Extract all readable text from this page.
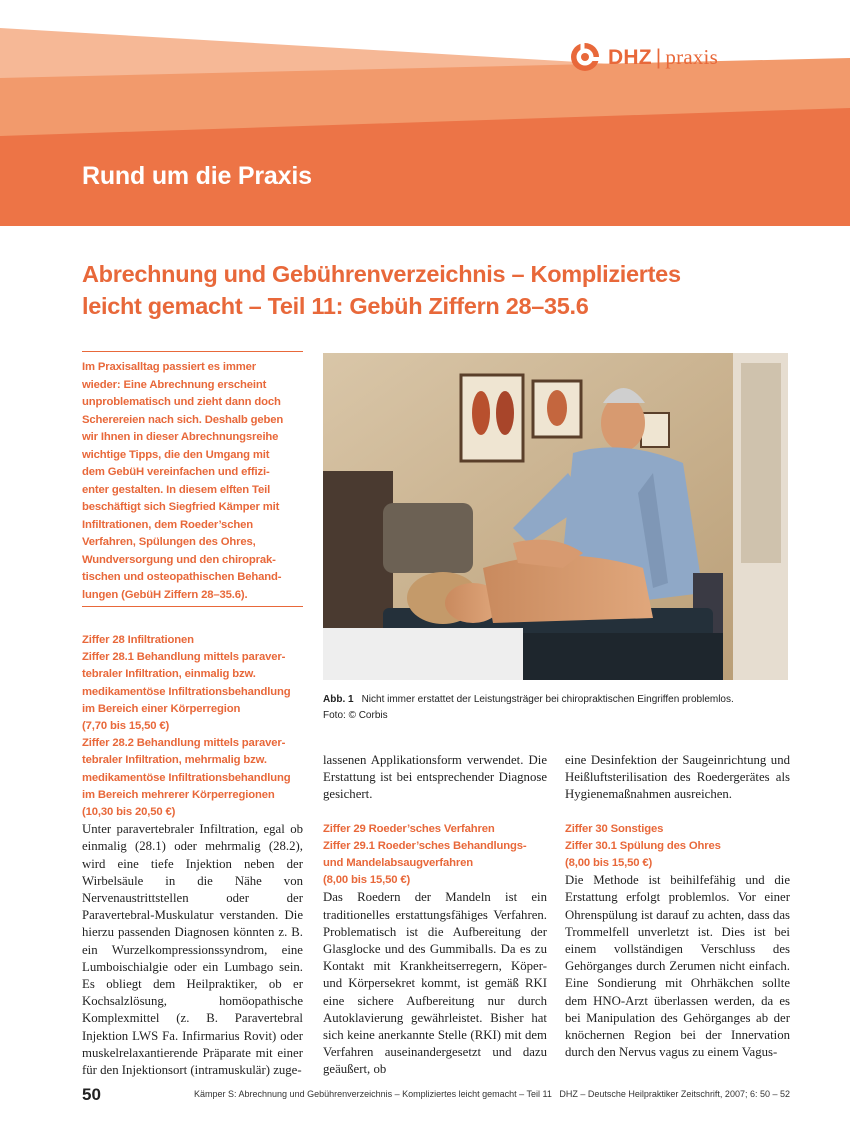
DHZ | praxis
Rund um die Praxis
Abrechnung und Gebührenverzeichnis – Kompliziertes
leicht gemacht – Teil 11: Gebüh Ziffern 28–35.6
Im Praxisalltag passiert es immer
wieder: Eine Abrechnung erscheint
unproblematisch und zieht dann doch
Scherereien nach sich. Deshalb geben
wir Ihnen in dieser Abrechnungsreihe
wichtige Tipps, die den Umgang mit
dem GebüH vereinfachen und effizi-
enter gestalten. In diesem elften Teil
beschäftigt sich Siegfried Kämper mit
Infiltrationen, dem Roeder’schen
Verfahren, Spülungen des Ohres,
Wundversorgung und den chiroprak-
tischen und osteopathischen Behand-
lungen (GebüH Ziffern 28–35.6).
Abb. 1 Nicht immer erstattet der Leistungsträger bei chiropraktischen Eingriffen problemlos.
Foto: © Corbis
Ziffer 28 Infiltrationen
Ziffer 28.1 Behandlung mittels paraver-
tebraler Infiltration, einmalig bzw.
medikamentöse Infiltrationsbehandlung
im Bereich einer Körperregion
(7,70 bis 15,50 €)
Ziffer 28.2 Behandlung mittels paraver-
tebraler Infiltration, mehrmalig bzw.
medikamentöse Infiltrationsbehandlung
im Bereich mehrerer Körperregionen
(10,30 bis 20,50 €)

Unter paravertebraler Infiltration, egal ob einmalig (28.1) oder mehrmalig (28.2), wird eine tiefe Injektion neben der Wirbelsäule in die Nähe von Nervenaustrittstellen oder der Paravertebral-Muskulatur verstanden. Die hierzu passenden Diagnosen könnten z. B. ein Wurzelkompressionssyndrom, eine Lumboischialgie oder ein Lumbago sein. Es obliegt dem Heilpraktiker, ob er Kochsalzlösung, homöopathische Komplexmittel (z. B. Paravertebral Injektion LWS Fa. Infirmarius Rovit) oder muskelrelaxantierende Präparate mit einer für den Injektionsort (intramuskulär) zuge-

lassenen Applikationsform verwendet. Die Erstattung ist bei entsprechender Diagnose gesichert.

Ziffer 29 Roeder’sches Verfahren
Ziffer 29.1 Roeder’sches Behandlungs-
und Mandelabsaugverfahren
(8,00 bis 15,50 €)

Das Roedern der Mandeln ist ein traditionelles erstattungsfähiges Verfahren. Problematisch ist die Aufbereitung der Glasglocke und des Gummiballs. Da es zu Kontakt mit Krankheitserregern, Köper- und Körpersekret kommt, ist gemäß RKI eine sichere Aufbereitung nur durch Autoklavierung gewährleistet. Bisher hat sich keine anerkannte Stelle (RKI) mit dem Verfahren auseinandergesetzt und dazu geäußert, ob

eine Desinfektion der Saugeinrichtung und Heißluftsterilisation des Roedergerätes als Hygienemaßnahmen ausreichen.

Ziffer 30 Sonstiges
Ziffer 30.1 Spülung des Ohres
(8,00 bis 15,50 €)

Die Methode ist beihilfefähig und die Erstattung erfolgt problemlos. Vor einer Ohrenspülung ist darauf zu achten, dass das Trommelfell unverletzt ist. Dies ist bei einem vollständigen Verschluss des Gehörganges durch Zerumen nicht einfach. Eine Sondierung mit Ohrhäkchen sollte dem HNO-Arzt überlassen werden, da es bei Manipulation des Gehörganges ab der knöchernen Region bei der Innervation durch den Nervus vagus zu einem Vagus-

50	Kämper S: Abrechnung und Gebührenverzeichnis – Kompliziertes leicht gemacht – Teil 11 DHZ – Deutsche Heilpraktiker Zeitschrift, 2007; 6: 50 – 52
